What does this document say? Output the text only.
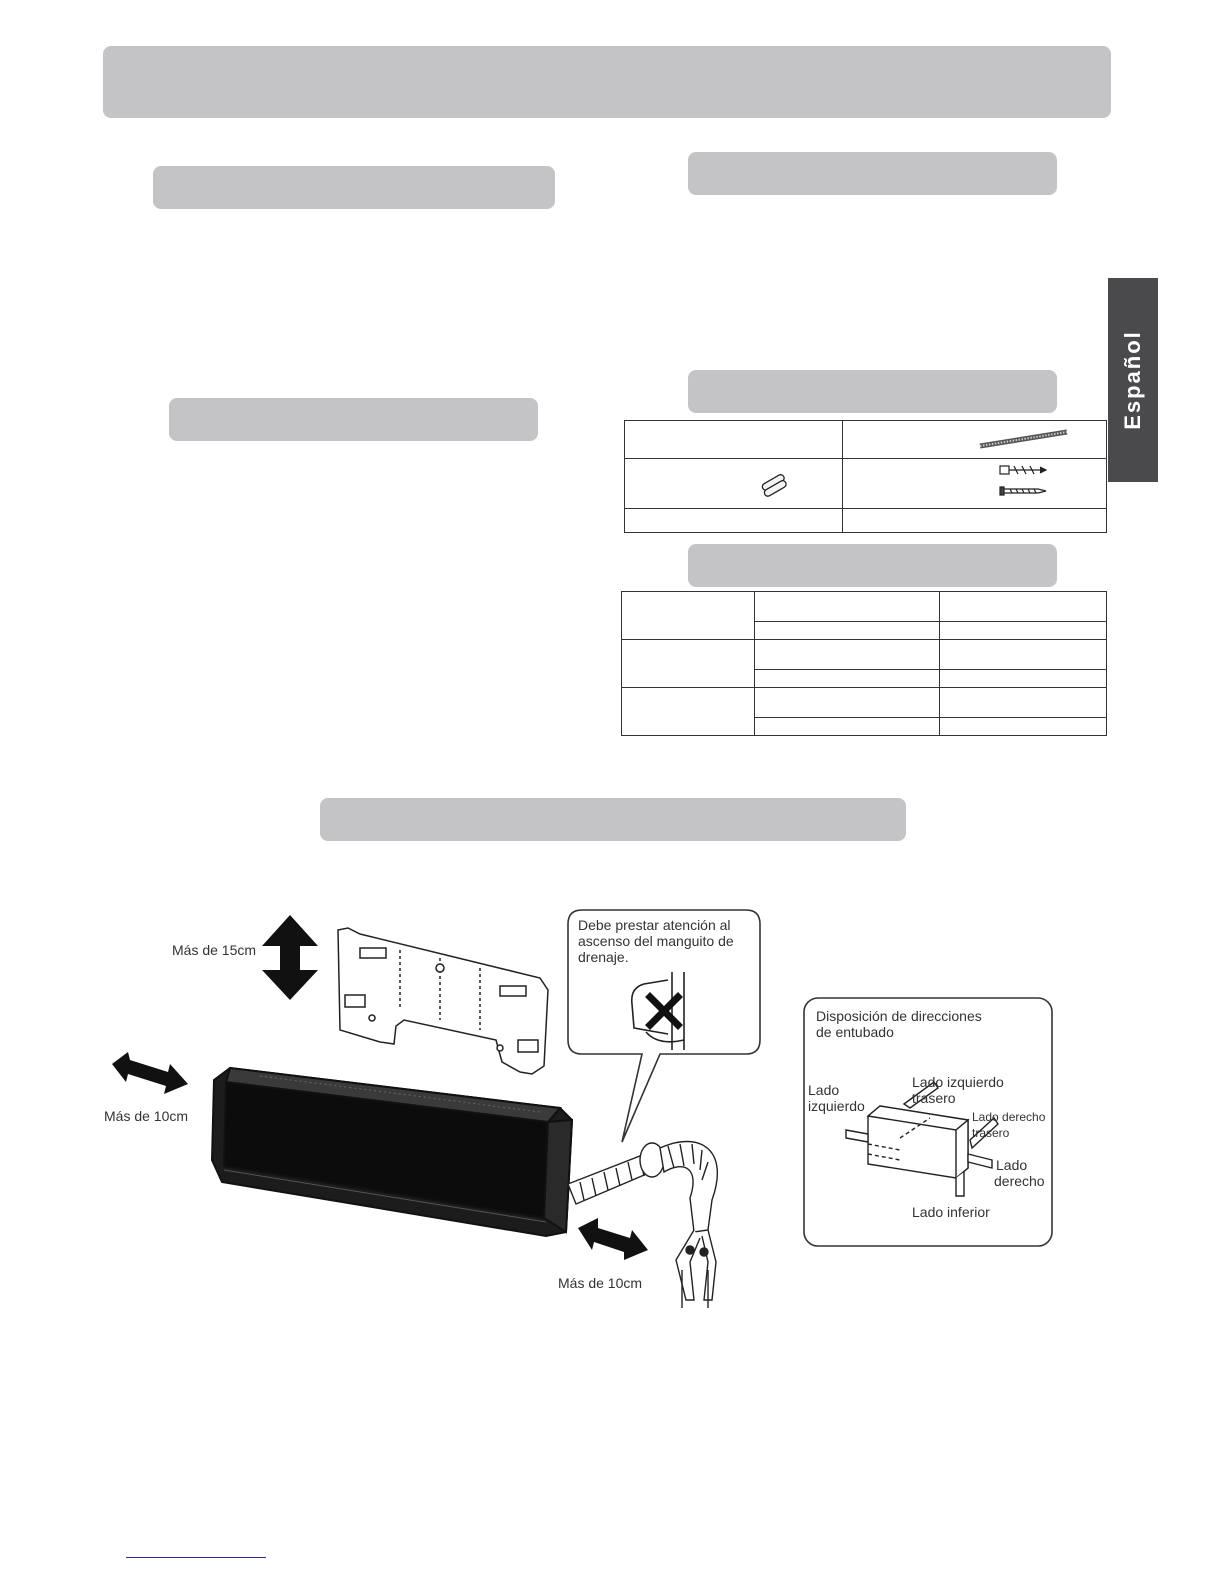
Español

Más de 15cm
Más de 10cm
Más de 10cm
Debe prestar atención al
ascenso del manguito de
drenaje.
Disposición de direcciones
de entubado
Lado
izquierdo
Lado izquierdo
trasero
Lado derecho
trasero
Lado
derecho
Lado inferior
